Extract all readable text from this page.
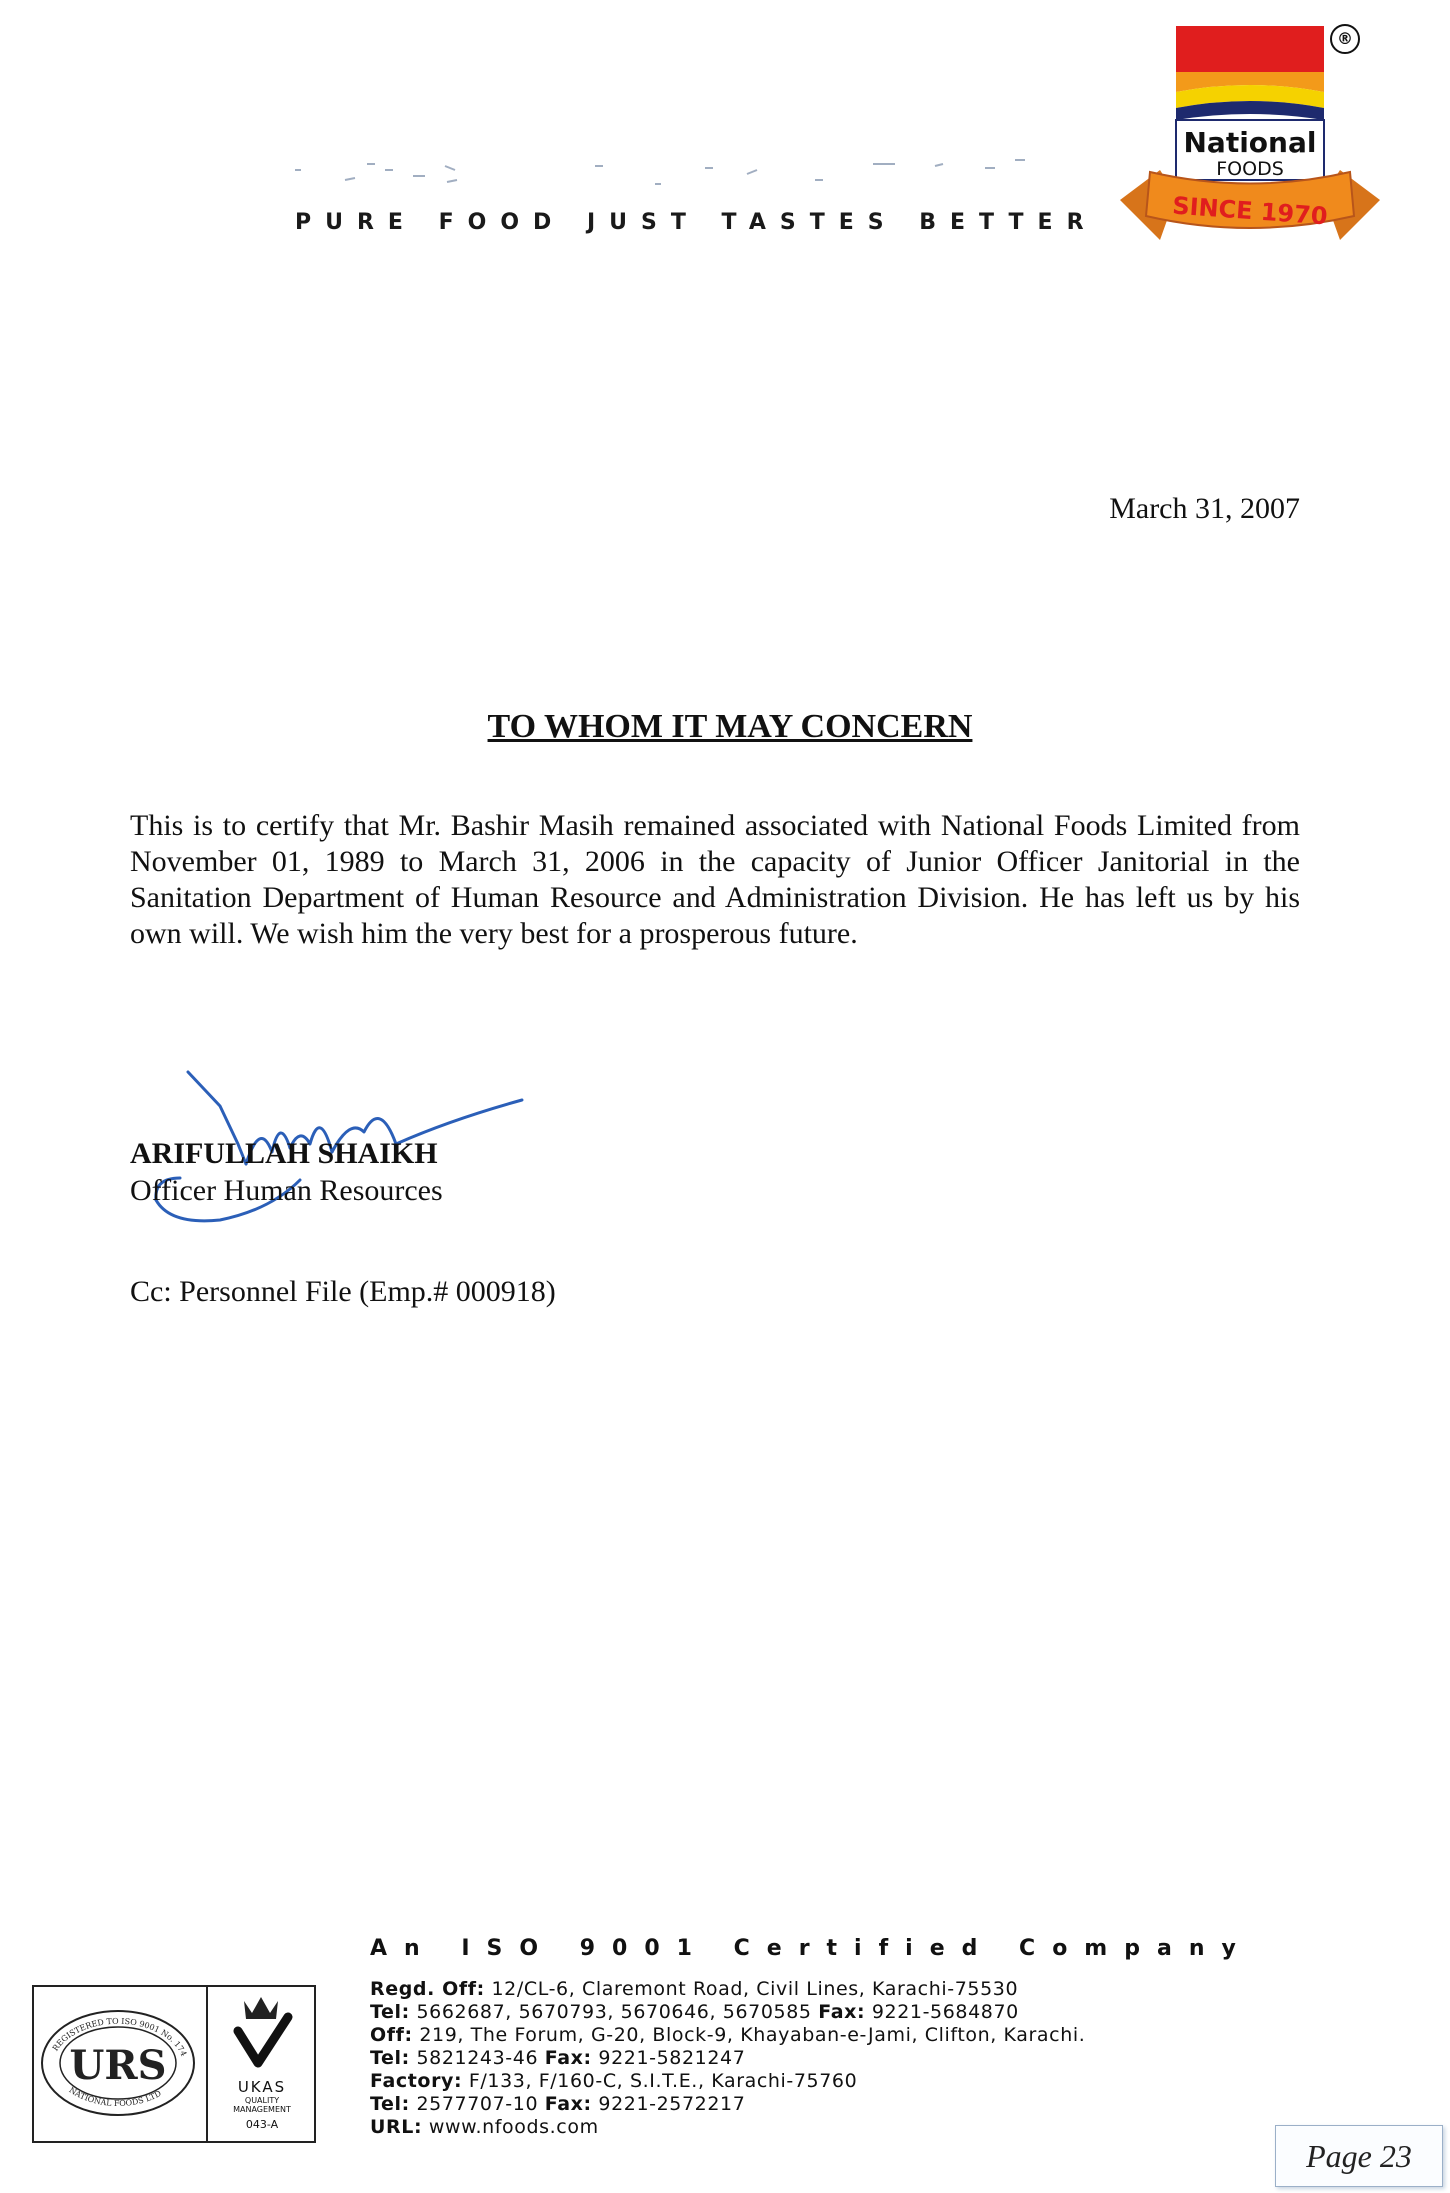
PURE FOOD JUST TASTES BETTER
National
FOODS
SINCE 1970
®
March 31, 2007
TO WHOM IT MAY CONCERN
This is to certify that Mr. Bashir Masih remained associated with National Foods Limited from November 01, 1989 to March 31, 2006 in the capacity of Junior Officer Janitorial in the Sanitation Department of Human Resource and Administration Division. He has left us by his own will. We wish him the very best for a prosperous future.
ARIFULLAH SHAIKH
Officer Human Resources
Cc: Personnel File (Emp.# 000918)
An ISO 9001 Certified Company
URS
REGISTERED TO ISO 9001 No. 174
NATIONAL FOODS LTD	UKAS
QUALITY
MANAGEMENT
043-A
Regd. Off: 12/CL-6, Claremont Road, Civil Lines, Karachi-75530
Tel: 5662687, 5670793, 5670646, 5670585 Fax: 9221-5684870
Off: 219, The Forum, G-20, Block-9, Khayaban-e-Jami, Clifton, Karachi.
Tel: 5821243-46 Fax: 9221-5821247
Factory: F/133, F/160-C, S.I.T.E., Karachi-75760
Tel: 2577707-10 Fax: 9221-2572217
URL: www.nfoods.com
Page 23
